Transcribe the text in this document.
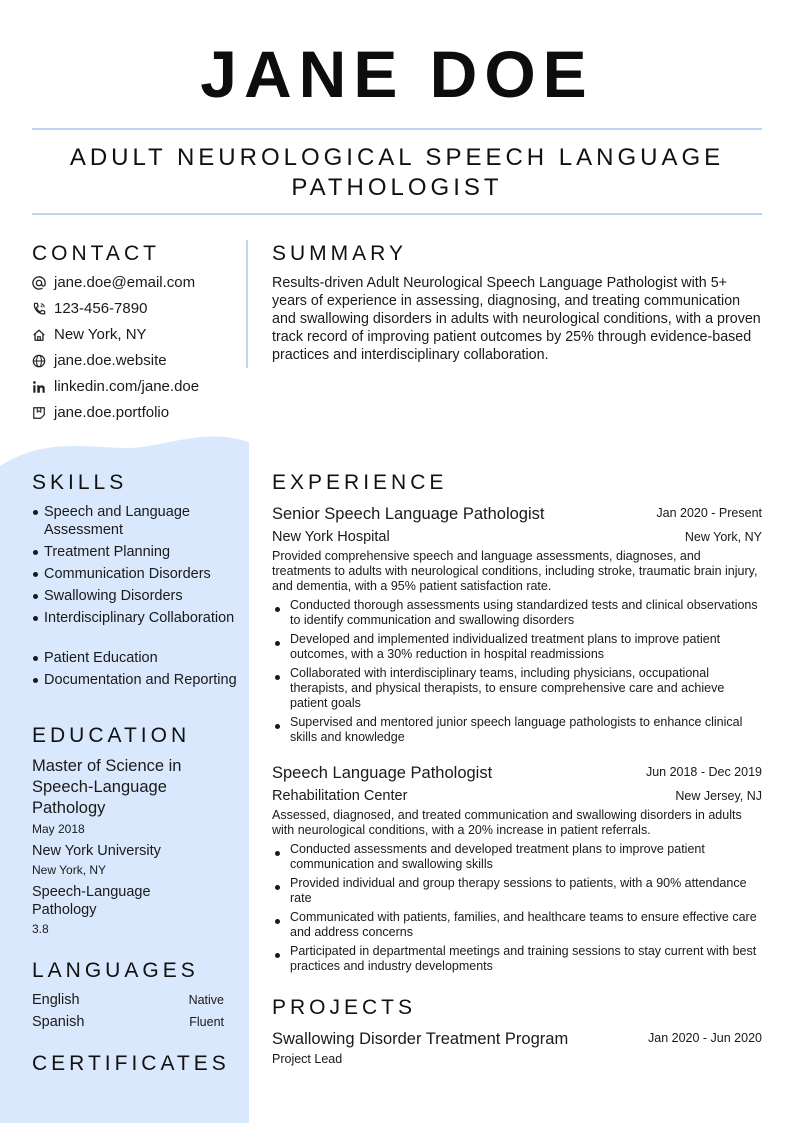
JANE DOE
ADULT NEUROLOGICAL SPEECH LANGUAGE
PATHOLOGIST
CONTACT
jane.doe@email.com
123-456-7890
New York, NY
jane.doe.website
linkedin.com/jane.doe
jane.doe.portfolio
SUMMARY
Results-driven Adult Neurological Speech Language Pathologist with 5+ years of experience in assessing, diagnosing, and treating communication and swallowing disorders in adults with neurological conditions, with a proven track record of improving patient outcomes by 25% through evidence-based practices and interdisciplinary collaboration.
SKILLS
Speech and Language Assessment
Treatment Planning
Communication Disorders
Swallowing Disorders
Interdisciplinary Collaboration
Patient Education
Documentation and Reporting
EDUCATION
Master of Science in Speech-Language Pathology
May 2018
New York University
New York, NY
Speech-Language Pathology
3.8
LANGUAGES
English	Native
Spanish	Fluent
CERTIFICATES
EXPERIENCE
Senior Speech Language Pathologist	Jan 2020 - Present
New York Hospital	New York, NY
Provided comprehensive speech and language assessments, diagnoses, and treatments to adults with neurological conditions, including stroke, traumatic brain injury, and dementia, with a 95% patient satisfaction rate.
Conducted thorough assessments using standardized tests and clinical observations to identify communication and swallowing disorders
Developed and implemented individualized treatment plans to improve patient outcomes, with a 30% reduction in hospital readmissions
Collaborated with interdisciplinary teams, including physicians, occupational therapists, and physical therapists, to ensure comprehensive care and achieve patient goals
Supervised and mentored junior speech language pathologists to enhance clinical skills and knowledge
Speech Language Pathologist	Jun 2018 - Dec 2019
Rehabilitation Center	New Jersey, NJ
Assessed, diagnosed, and treated communication and swallowing disorders in adults with neurological conditions, with a 20% increase in patient referrals.
Conducted assessments and developed treatment plans to improve patient communication and swallowing skills
Provided individual and group therapy sessions to patients, with a 90% attendance rate
Communicated with patients, families, and healthcare teams to ensure effective care and address concerns
Participated in departmental meetings and training sessions to stay current with best practices and industry developments
PROJECTS
Swallowing Disorder Treatment Program	Jan 2020 - Jun 2020
Project Lead
